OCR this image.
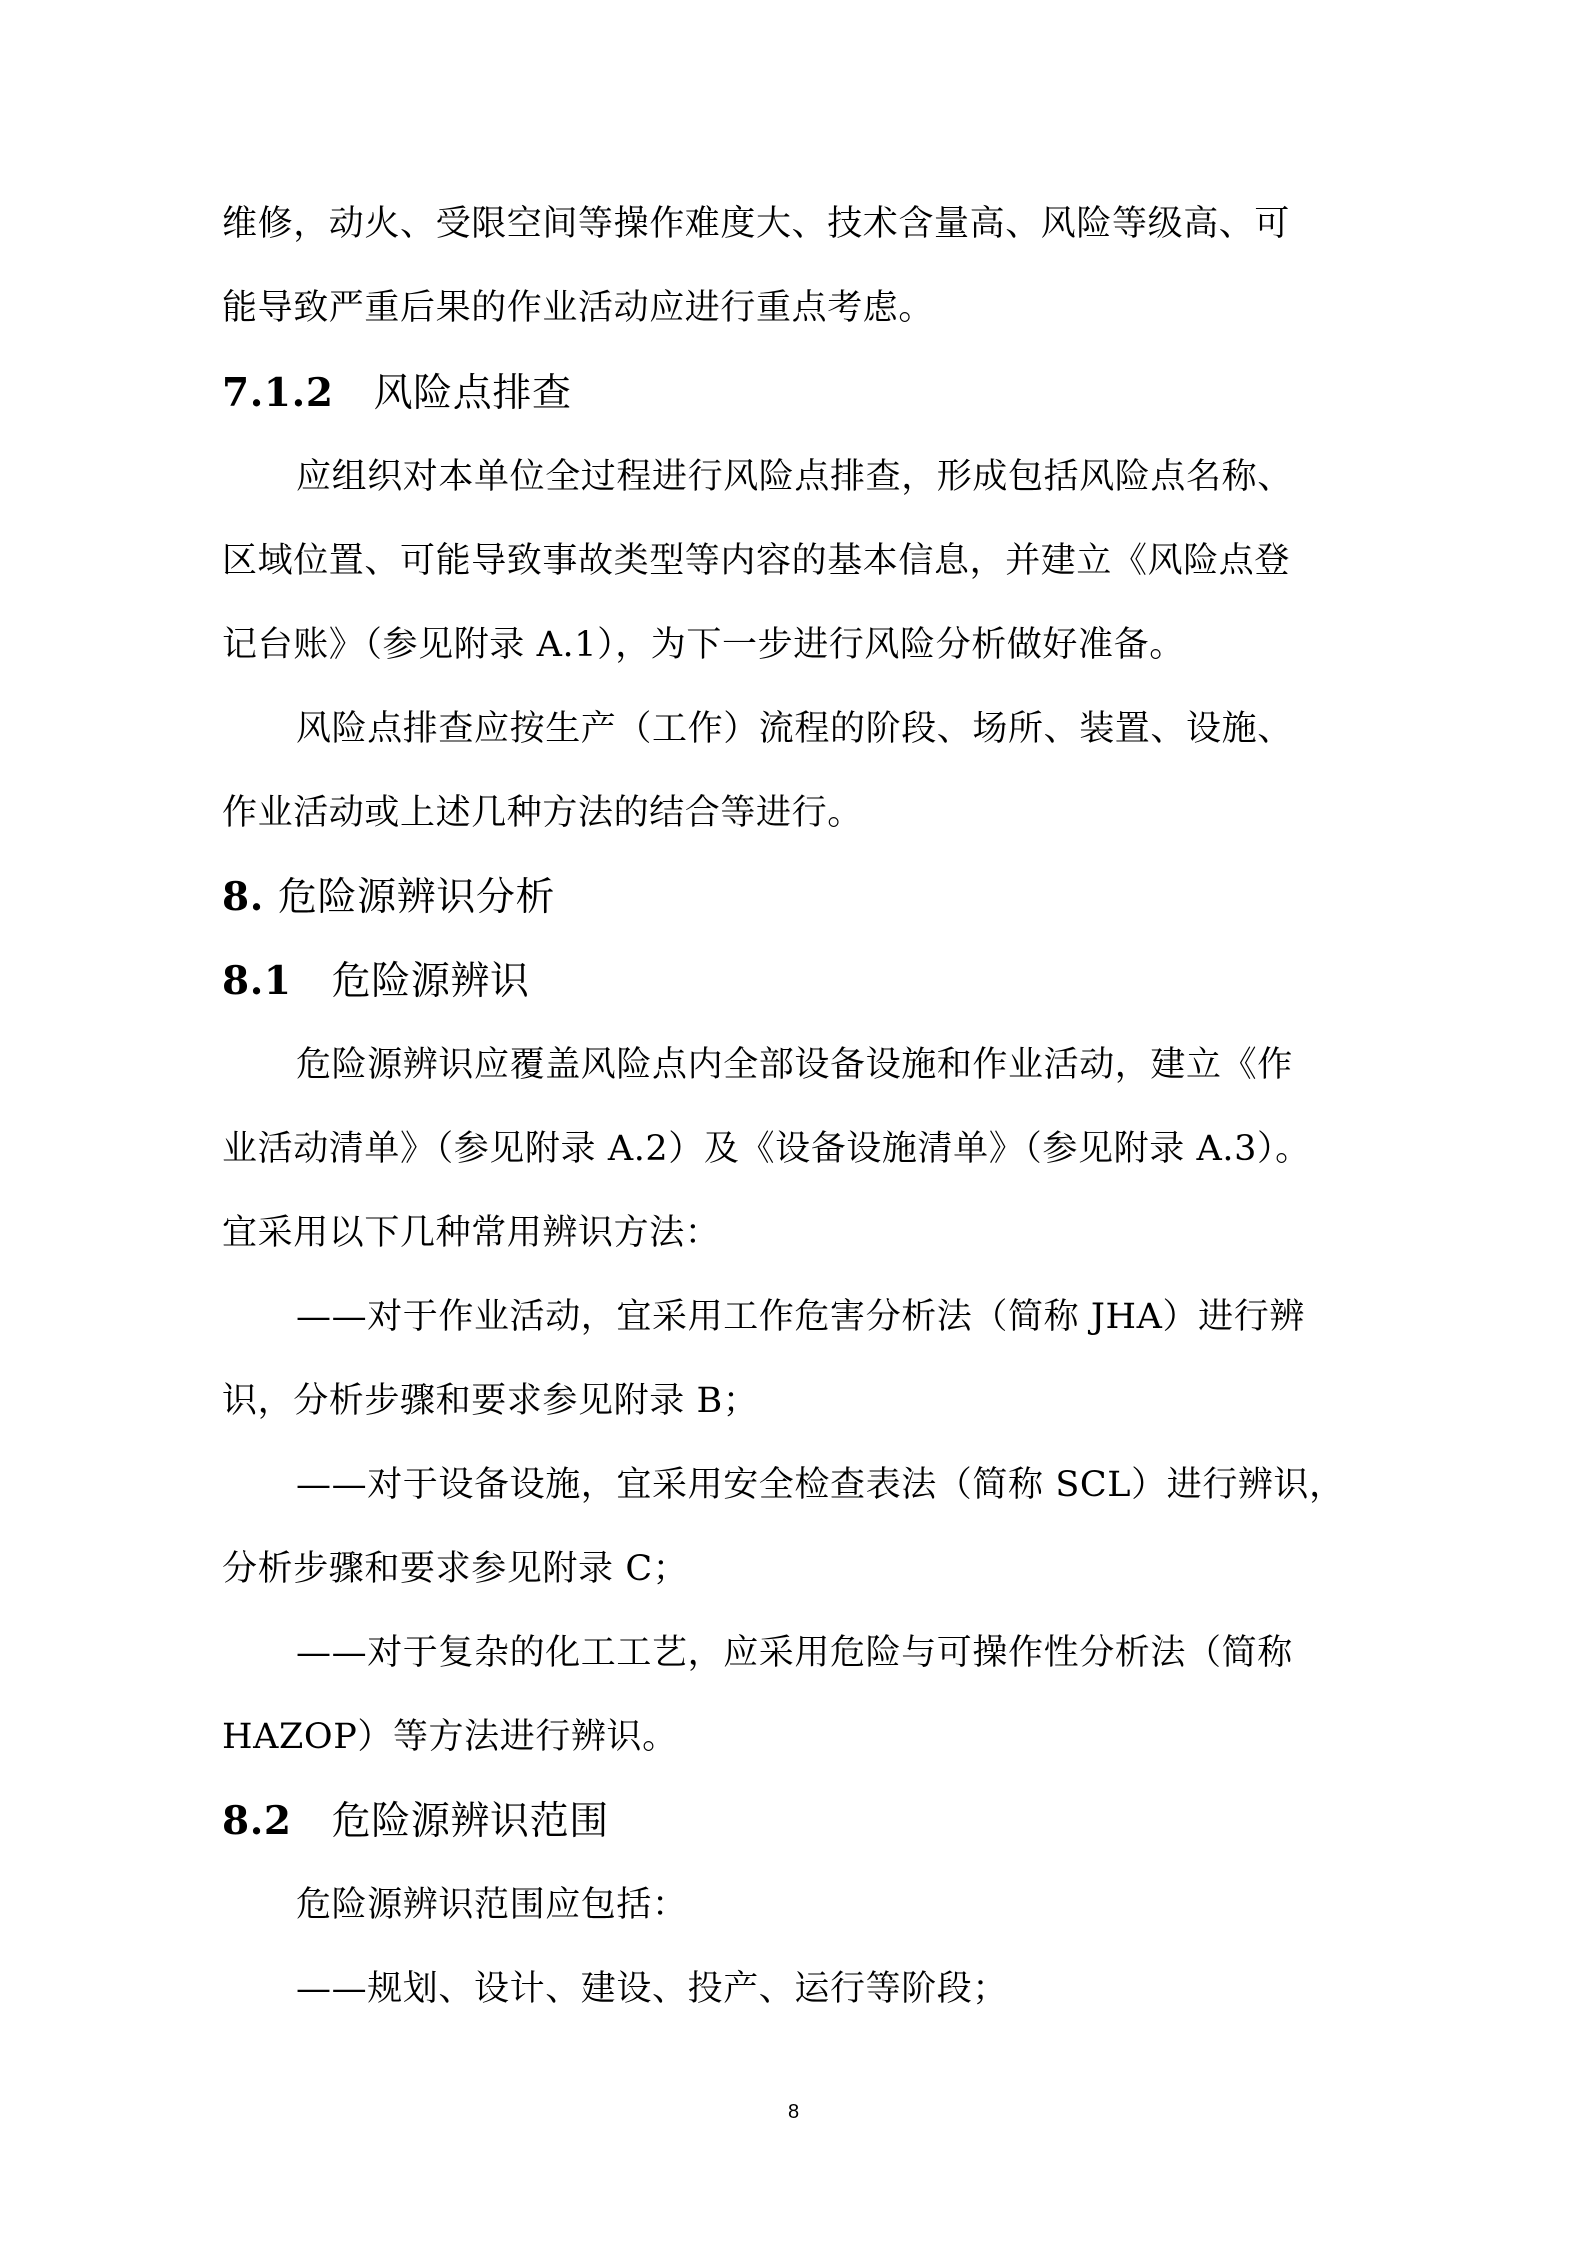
维修，动火、受限空间等操作难度大、技术含量高、风险等级高、可
能导致严重后果的作业活动应进行重点考虑。
7.1.2 风险点排查
应组织对本单位全过程进行风险点排查，形成包括风险点名称、
区域位置、可能导致事故类型等内容的基本信息，并建立《风险点登
记台账》（参见附录 A.1），为下一步进行风险分析做好准备。
风险点排查应按生产（工作）流程的阶段、场所、装置、设施、
作业活动或上述几种方法的结合等进行。
8. 危险源辨识分析
8.1 危险源辨识
危险源辨识应覆盖风险点内全部设备设施和作业活动，建立《作
业活动清单》（参见附录 A.2）及《设备设施清单》（参见附录 A.3）。
宜采用以下几种常用辨识方法：
——对于作业活动，宜采用工作危害分析法（简称 JHA）进行辨
识，分析步骤和要求参见附录 B；
——对于设备设施，宜采用安全检查表法（简称 SCL）进行辨识，
分析步骤和要求参见附录 C；
——对于复杂的化工工艺，应采用危险与可操作性分析法（简称
HAZOP）等方法进行辨识。
8.2 危险源辨识范围
危险源辨识范围应包括：
——规划、设计、建设、投产、运行等阶段；
8
